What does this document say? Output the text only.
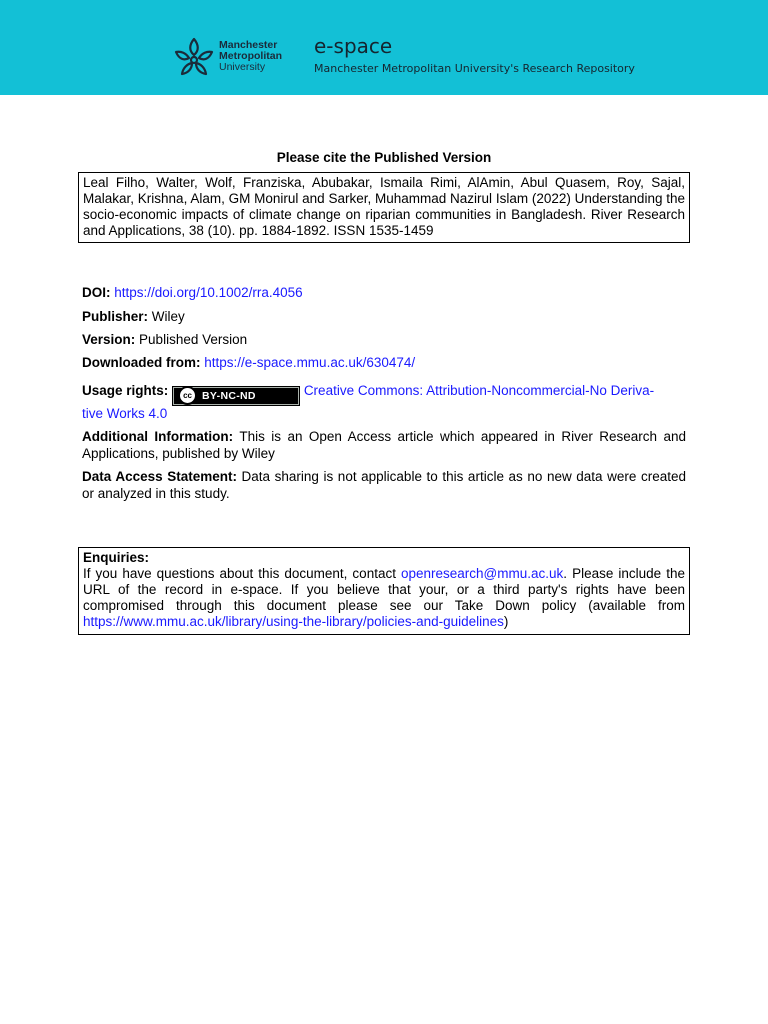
Manchester
Metropolitan
University
e-space
Manchester Metropolitan University's Research Repository
Please cite the Published Version
Leal Filho, Walter, Wolf, Franziska, Abubakar, Ismaila Rimi, AlAmin, Abul Quasem, Roy, Sajal, Malakar, Krishna, Alam, GM Monirul and Sarker, Muhammad Nazirul Islam (2022) Understanding the socio-economic impacts of climate change on riparian communities in Bangladesh. River Research and Applications, 38 (10). pp. 1884-1892. ISSN 1535-1459
DOI: https://doi.org/10.1002/rra.4056
Publisher: Wiley
Version: Published Version
Downloaded from: https://e-space.mmu.ac.uk/630474/
Usage rights:	cc BY-NC-ND	Creative Commons: Attribution-Noncommercial-No Deriva-
tive Works 4.0
Additional Information: This is an Open Access article which appeared in River Research and Applications, published by Wiley
Data Access Statement: Data sharing is not applicable to this article as no new data were created or analyzed in this study.
Enquiries:
If you have questions about this document, contact openresearch@mmu.ac.uk. Please include the URL of the record in e-space. If you believe that your, or a third party's rights have been compromised through this document please see our Take Down policy (available from https://www.mmu.ac.uk/library/using-the-library/policies-and-guidelines)
